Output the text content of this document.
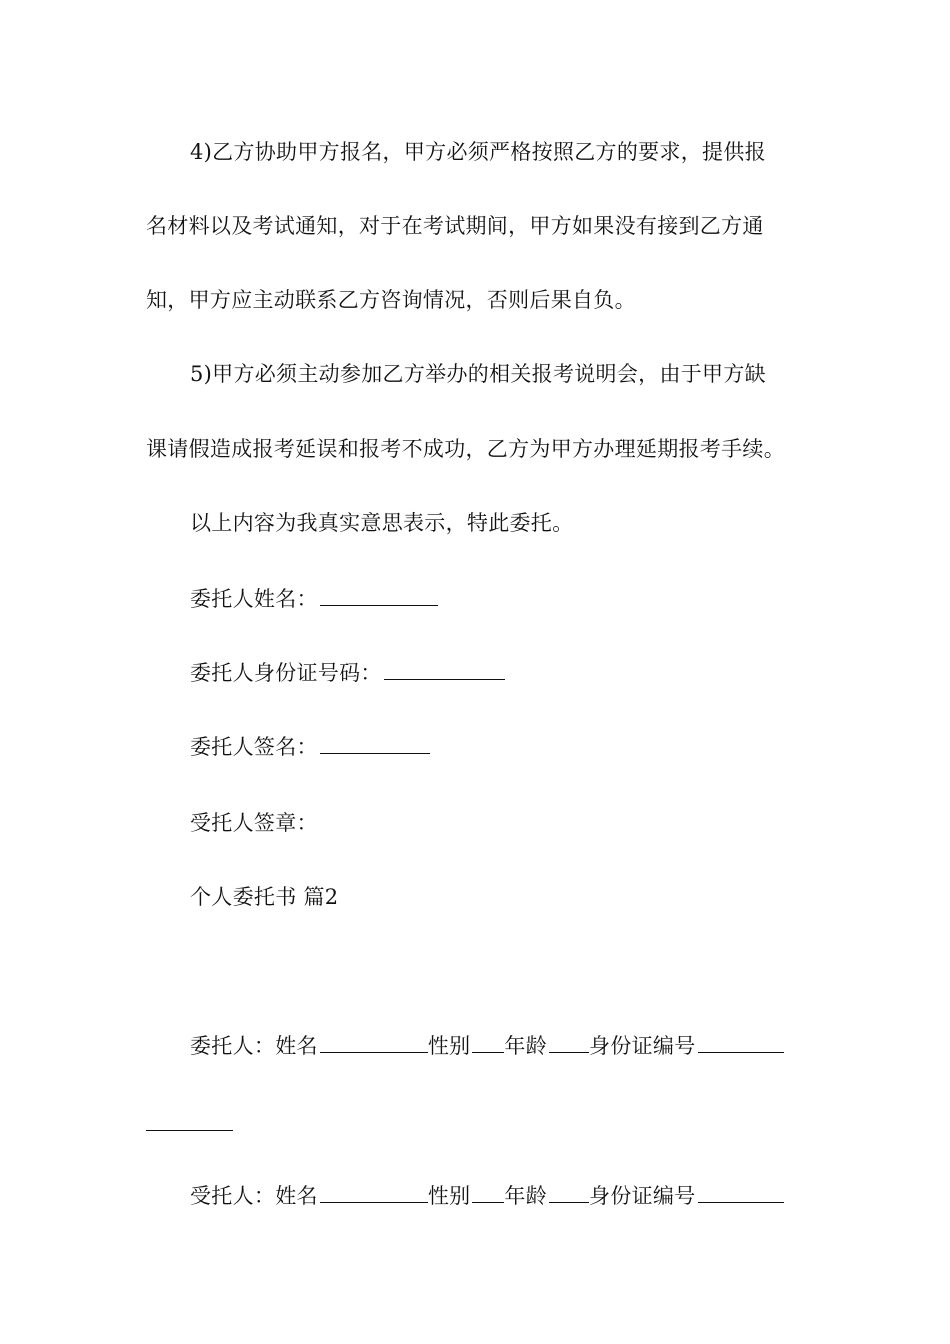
4)乙方协助甲方报名，甲方必须严格按照乙方的要求，提供报
名材料以及考试通知，对于在考试期间，甲方如果没有接到乙方通
知，甲方应主动联系乙方咨询情况，否则后果自负。
5)甲方必须主动参加乙方举办的相关报考说明会，由于甲方缺
课请假造成报考延误和报考不成功，乙方为甲方办理延期报考手续。
以上内容为我真实意思表示，特此委托。
委托人姓名：
委托人身份证号码：
委托人签名：
受托人签章：
个人委托书 篇2
委托人：姓名	性别 年龄 身份证编号
受托人：姓名	性别 年龄 身份证编号
